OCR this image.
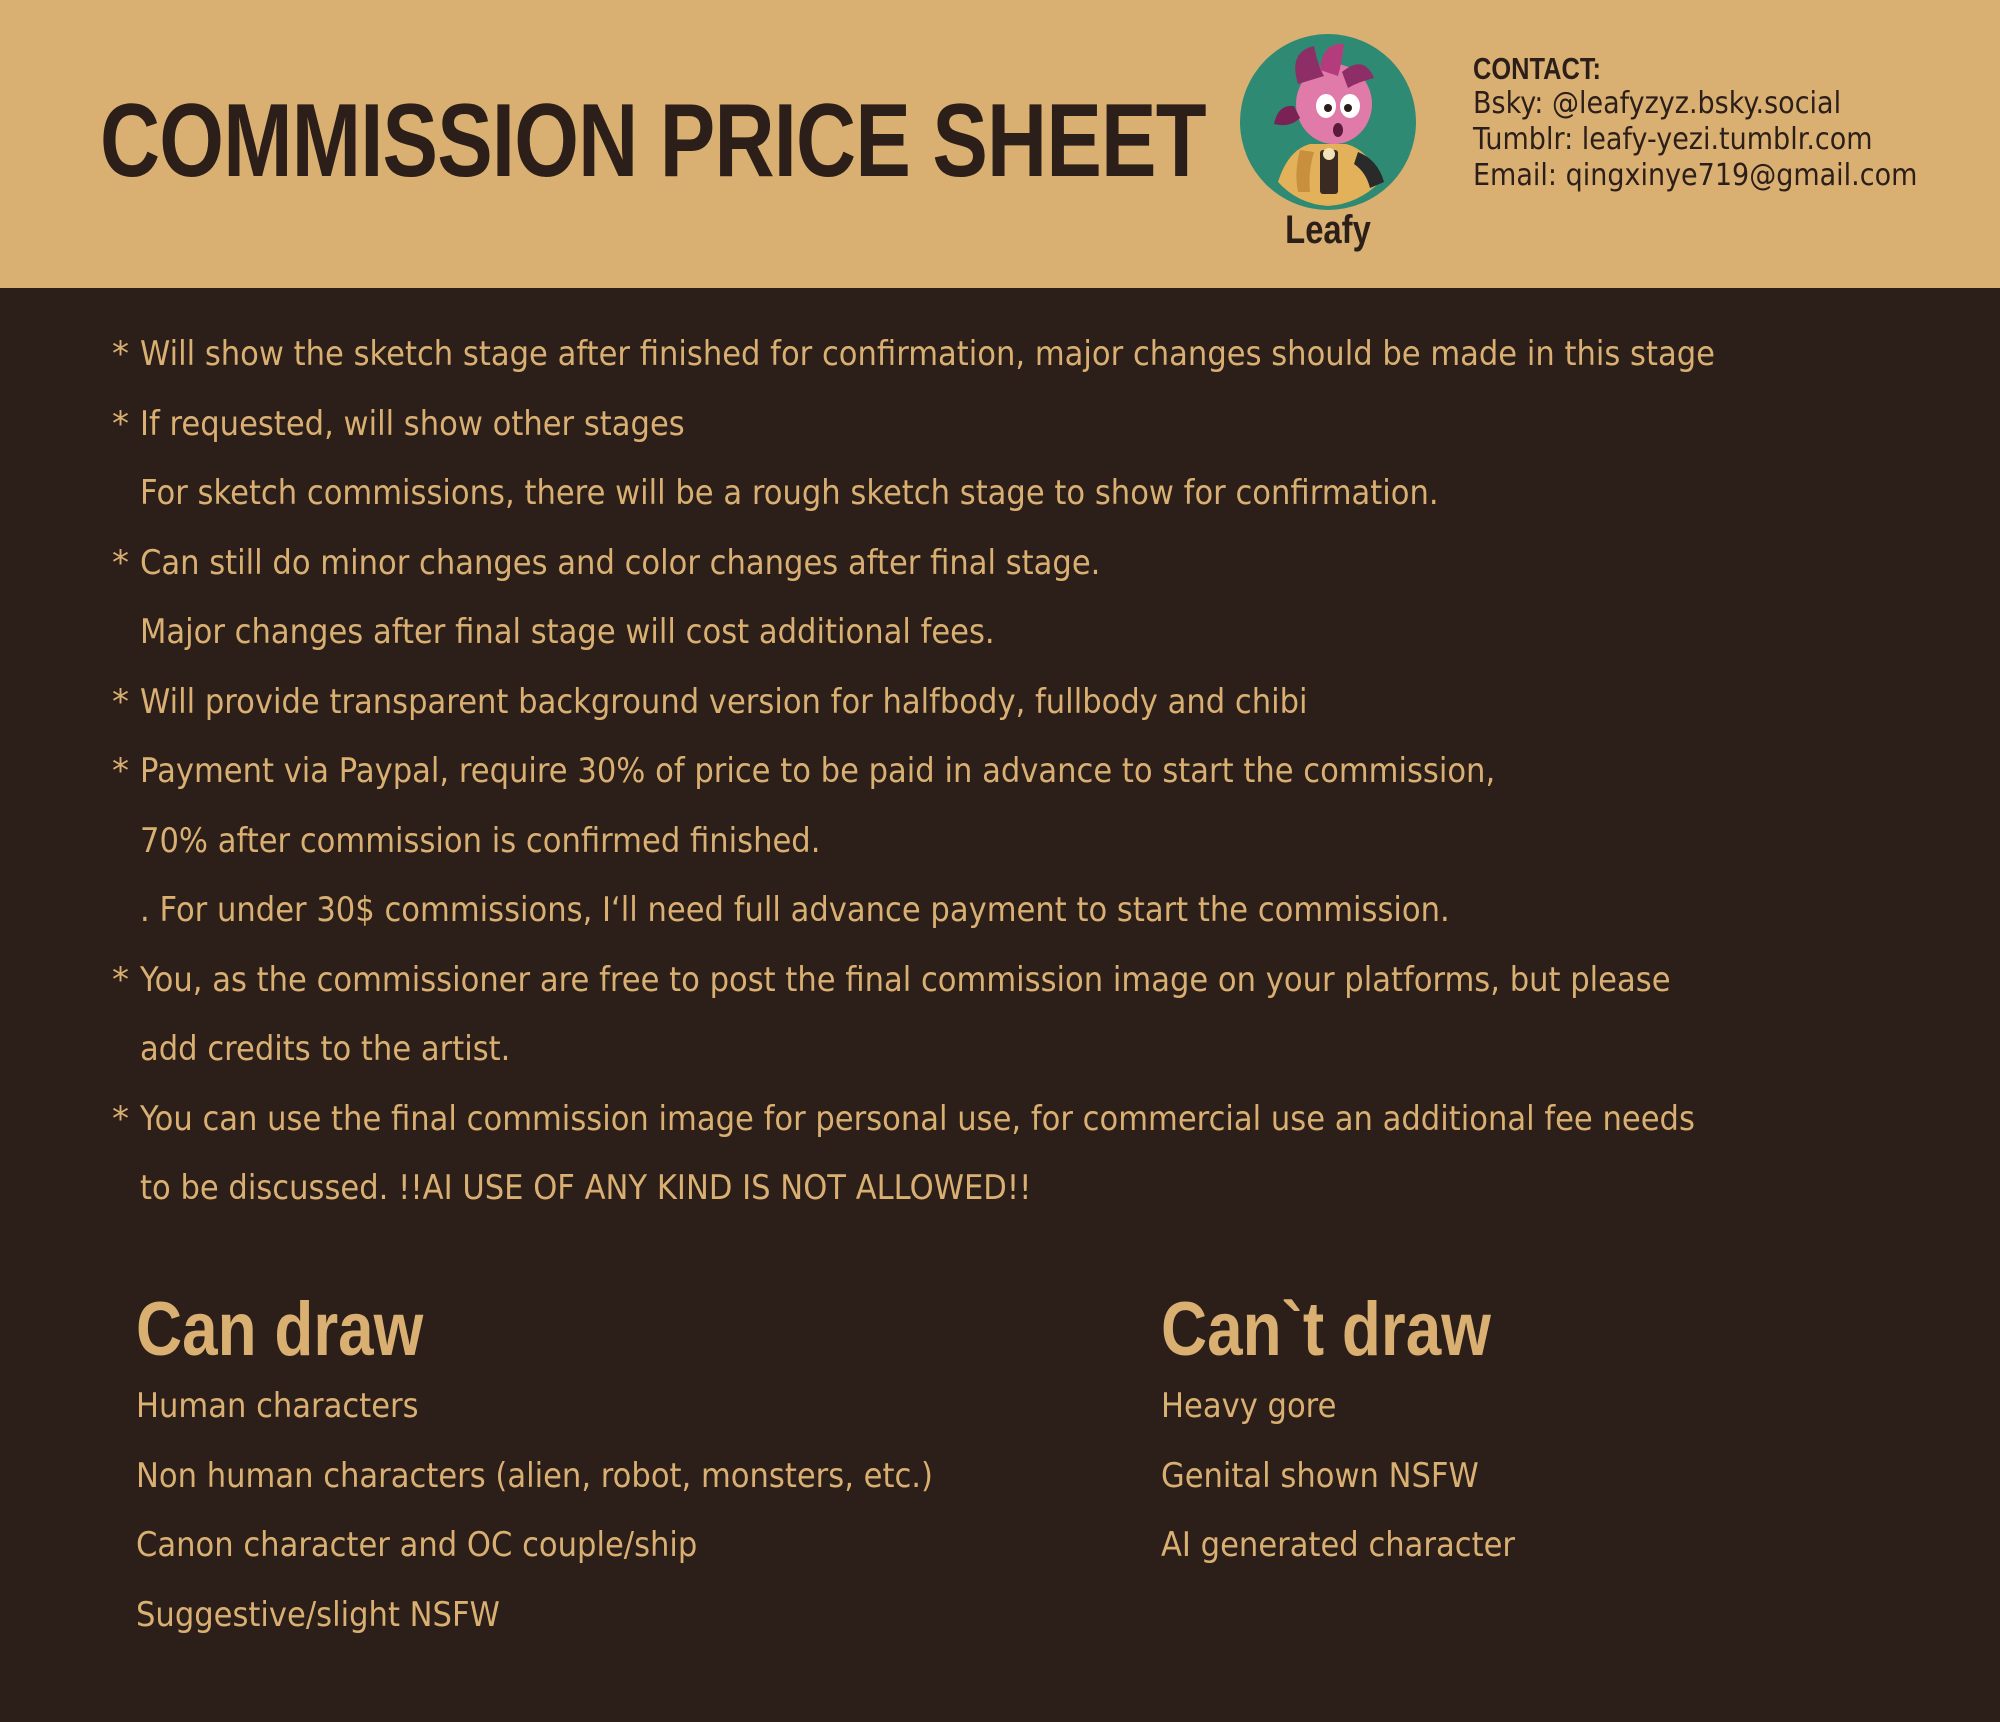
COMMISSION PRICE SHEET
Leafy
CONTACT:
Bsky: @leafyzyz.bsky.social
Tumblr: leafy-yezi.tumblr.com
Email: qingxinye719@gmail.com
* Will show the sketch stage after finished for confirmation, major changes should be made in this stage
* If requested, will show other stages
For sketch commissions, there will be a rough sketch stage to show for confirmation.
* Can still do minor changes and color changes after final stage.
Major changes after final stage will cost additional fees.
* Will provide transparent background version for halfbody, fullbody and chibi
* Payment via Paypal, require 30% of price to be paid in advance to start the commission,
70% after commission is confirmed finished.
. For under 30$ commissions, I‘ll need full advance payment to start the commission.
* You, as the commissioner are free to post the final commission image on your platforms, but please
add credits to the artist.
* You can use the final commission image for personal use, for commercial use an additional fee needs
to be discussed. !!AI USE OF ANY KIND IS NOT ALLOWED!!
Can draw
Human characters
Non human characters (alien, robot, monsters, etc.)
Canon character and OC couple/ship
Suggestive/slight NSFW
Can`t draw
Heavy gore
Genital shown NSFW
AI generated character
